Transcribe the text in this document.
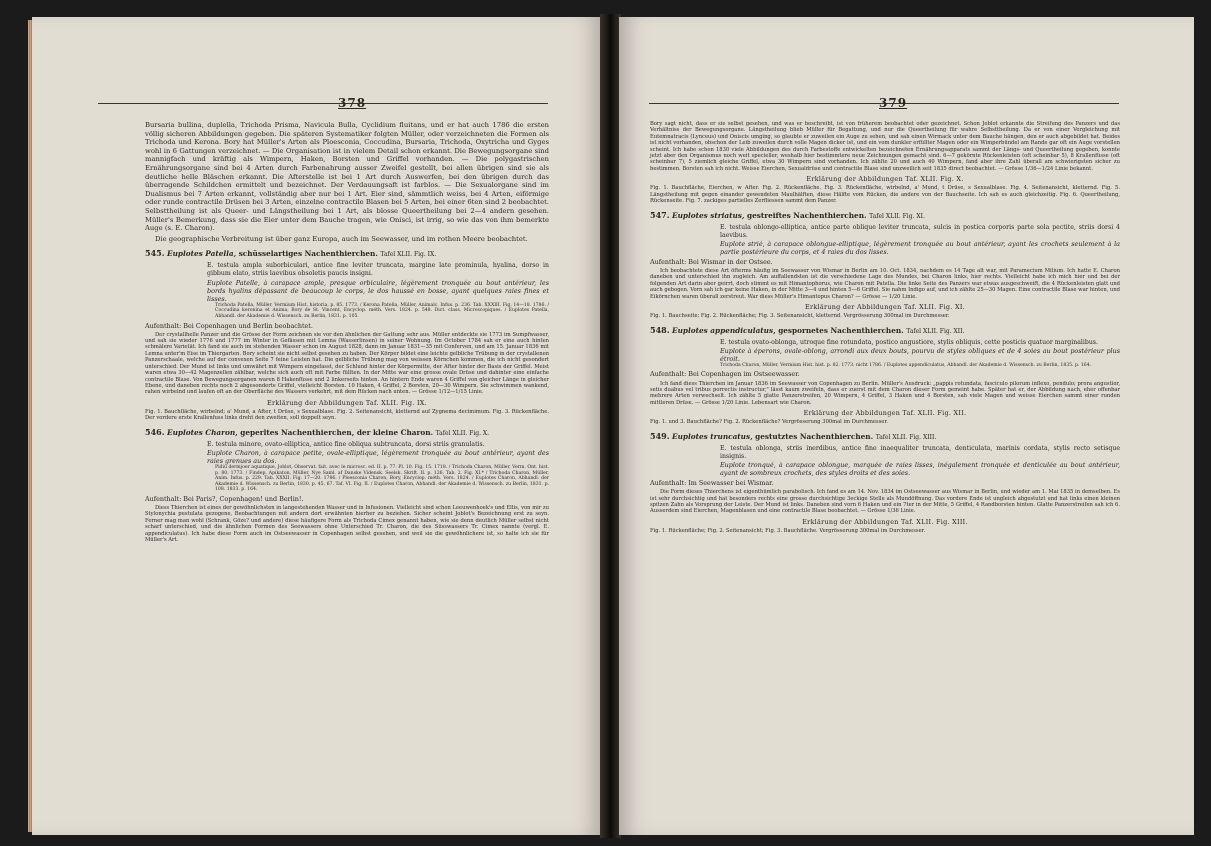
378

Bursaria bullina, duplella, Trichoda Prisma, Navicula Bulla, Cyclidium fluitans, und er hat auch 1786 die ersten völlig sicheren Abbildungen gegeben. Die späteren Systematiker folgten Müller, oder verzeichneten die Formen als Trichoda und Kerona. Bory hat Müller's Arten als Ploesconia, Coccudina, Bursaria, Trichoda, Oxytricha und Gyges wohl in 6 Gattungen verzeichnet. — Die Organisation ist in vielem Detail schon erkannt. Die Bewegungsorgane sind mannigfach und kräftig als Wimpern, Haken, Borsten und Griffel vorhanden. — Die polygastrischen Ernährungsorgane sind bei 4 Arten durch Farbenahrung ausser Zweifel gestellt, bei allen übrigen sind sie als deutliche helle Bläschen erkannt. Die Afterstelle ist bei 1 Art durch Auswerfen, bei den übrigen durch das überragende Schildchen ermittelt und bezeichnet. Der Verdauungsaft ist farblos. — Die Sexualorgane sind im Dualismus bei 7 Arten erkannt, vollständig aber nur bei 1 Art. Eier sind, sämmtlich weiss, bei 4 Arten, eiförmige oder runde contractile Drüsen bei 3 Arten, einzelne contractile Blasen bei 5 Arten, bei einer 6ten sind 2 beobachtet. Selbsttheilung ist als Queer- und Längstheilung bei 1 Art, als blosse Queertheilung bei 2—4 andern gesehen. Müller's Bemerkung, dass sie die Eier unter dem Bauche tragen, wie Oniscì, ist irrig, so wie das von ihm bemerkte Auge (s. E. Charon).

Die geographische Verbreitung ist über ganz Europa, auch im Seewasser, und im rothen Meere beobachtet.

545. Euplotes Patella, schüsselartiges Nachenthierchen. Tafel XLII. Fig. IX.
E. testula ampla suborbiculari, antice fine leviter truncata, margine late prominula, hyalina, dorso in gibbum elato, striis laevibus obsoletis paucis insigni.
Euplote Patelle, à carapace ample, presque orbiculaire, légèrement tronquée au bout antérieur, les bords hyalins dépassant de beaucoup le corps, le dos haussé en bosse, ayant quelques raies fines et lisses.
Trichoda Patella, Müller, Vermium Hist. historia, p. 85. 1773. / Kerona Patella, Müller, Animalc. Infus. p. 236. Tab. XXXIII. Fig. 14—18. 1786. / Coccudina keronina et Anima, Bory de St. Vincent, Encyclop. méth. Vers. 1824. p. 548. Dict. class. Microscopiques. / Euplotes Patella, Abhandl. der Akademie d. Wissensch. zu Berlin, 1831. p. 105.
Aufenthalt: Bei Copenhagen und Berlin beobachtet.

Der crystallhelle Panzer und die Grösse der Form zeichnen sie vor den ähnlichen der Gattung sehr aus. Müller entdeckte sie 1773 im Sumpfwasser, und sah sie wieder 1776 und 1777 im Winter in Gefässen mit Lemna (Wasserlinsen) in seiner Wohnung. Im October 1784 sah er eine auch hinten schmälere Varietät. Ich fand sie auch im stehenden Wasser schon im August 1828, dann im Januar 1831—35 mit Conferven, und am 15. Januar 1836 mit Lemna unter'm Eise im Thiergarten. Bory scheint sie nicht selbst gesehen zu haben. Der Körper bildet eine leichte gelbliche Trübung in der crystallenen Panzerschaale, welche auf der convexen Seite 7 feine Leisten hat. Die gelbliche Trübung mag von weissen Körnchen kommen, die ich nicht gesondert unterschied. Der Mund ist links und umwährt mit Wimpern eingefasst, der Schlund hinter der Körpermitte, der After hinter der Basis der Griffel. Meist waren etwa 30—42 Magenzellen zählbar, welche sich auch oft mit Farbe füllten. In der Mitte war eine grosse ovale Drüse und dahinter eine einfache contractile Blase. Von Bewegungsorganen waren 8 Hakenfüsse und 2 linkerseits hinten. An hintern Ende waren 4 Griffel von gleicher Länge in gleicher Ebene, und daneben rechts noch 2 abgesonderte Griffel, vielleicht Borsten. 10 Haken, 4 Griffel, 2 Borsten, 20—30 Wimpern. Sie schwimmen wankend, rahen wirbelnd und laufen oft an der Oberfläche des Wassers verkehrt, mit dem Rücken nach unten. — Grösse 1/12—1/15 Linie.

Erklärung der Abbildungen Taf. XLII. Fig. IX.
Fig. 1. Bauchfläche, wirbelnd; a' Mund, a After, t Drüse, s Sexualblase. Fig. 2. Seitenansicht, kletternd auf Zygnema decimimum. Fig. 3. Rückenfläche. Der vordere erste Krallenfuss links dreht den zweiten, soll doppelt seyn.
546. Euplotes Charon, geperltes Nachenthierchen, der kleine Charon. Tafel XLII. Fig. X.
E. testula minore, ovato-elliptica, antice fine obliqua subtruncata, dorsi striis granulatis.
Euplote Charon, à carapace petite, ovale-elliptique, légèrement tronquée au bout antérieur, ayant des raies grenues au dos.
Pidiu dermjoer aquatique, Joblot, Observat. fait. avec le microsc. ed. II. p. 77. Pl. 10. Fig. 15. 1718. / Trichoda Charon, Müller, Verm. Ont. hist. p. 80. 1773. / Findep. Apikaton, Müller, Nye Saml. af Danske Vidensk. Seelsk. Skrift. II. p. 126. Tab. 2. Fig. XI.* / Trichoda Charon, Müller, Anim. Infus. p. 229. Tab. XXXII. Fig. 17—20. 1786. / Ploesconia Charon, Bory, Encyclop. méth. Vers. 1824. / Euplotes Charon, Abhandl. der Akademie d. Wissensch. zu Berlin, 1830. p. 45, 67. Taf. VI. Fig. II. / Euplotes Charon, Abhandl. der Akademie d. Wissensch. zu Berlin, 1831. p. 108. 1833. p. 164.
Aufenthalt: Bei Paris?, Copenhagen! und Berlin!.

Diess Thierchen ist eines der gewöhnlichsten in langestehenden Wasser und in Infusionen. Vielleicht sind schon Leeuwenhoek's und Ellis, von mir zu Stylonychia pustulata gezogene, Beobachtungen mit andern dort erwähnten hierher zu beziehen. Sicher scheint Joblot's Bezeichnung erst zu seyn. Ferner mag man wohl (Schrank, Göze? und andere) diese häufigere Form als Trichoda Cimex genannt haben, wie sie denn deutlich Müller selbst nicht scharf unterschied, und die ähnlichen Formen des Seewassers ohne Unterschied Tr. Charon, die des Süsswassers Tr. Cimex nannte (vergl. E. appendiculatus). Ich habe diese Form auch im Ostseewasser in Copenhagen selbst gesehen, und weil sie die gewöhnlichere ist, so halte ich sie für Müller's Art.

379

Bory sagt nicht, dass er sie selbst gesehen, und was er beschreibt, ist von früherem beobachtet oder gezeichnet. Schon Joblot erkannte die Streifung des Panzers und das Verhältniss der Bewegungsorgane. Längstheilung blieb Müller für Begattung, und nur die Queertheilung für wahre Selbsttheilung. Da er von einer Vergleichung mit Eutemnatracis (Lynceus) und Oniscis umging, so glaubte er zuweilen ein Auge zu sehen, und sah einen Wirmack unter dem Bauche hängen, den er auch abgebildet hat. Beides ist nicht vorhanden, obschon der Leib zuweilen durch volle Magen dicker ist, und ein vom dunkler erfüllter Magen oder ein Wimperbündel am Rande gar oft ein Auge vorstellen scheint. Ich habe schon 1830 viele Abbildungen des durch Farbestoffe entwickelten bezeichneten Ernährungsapparats sammt der Längs- und Queertheilung gegeben, konnte jetzt aber den Organismus noch weit specieller, weshalb hier bestimmtere neue Zeichnungen gemacht sind. 6—7 gekörnte Rückenleisten (oft scheinbar 5), 8 Krallenfüsse (oft scheinbar 7), 5 ziemlich gleiche Griffel, etwa 30 Wimpern sind vorhanden. Ich zählte 20 und auch 40 Wimpern, fand aber ihre Zahl überall am schwierigsten sicher zu bestimmen. Borsten sah ich nicht. Weisse Eierchen, Sexualdrüse und contractile Blase sind unzweilich seit 1835 direct beobachtet. — Grösse 1/36—1/24 Linie bekannt.

Erklärung der Abbildungen Taf. XLII. Fig. X.
Fig. 1. Bauchfläche, Eierchen, w After. Fig. 2. Rückenfläche. Fig. 3. Rückenfläche, wirbelnd, a' Mund, t Drüse, s Sexualblase. Fig. 4. Seitenansicht, kletternd. Fig. 5. Längstheilung mit gegen einander gewendeten Maulhälften, diese Hälfte vom Rücken, die andere von der Bauchseite. Ich sah es auch gleichzeitig. Fig. 6. Queertheilung, Rückenseite. Fig. 7. zackiges partielles Zerfliessen sammt dem Panzer.
547. Euplotes striatus, gestreiftes Nachenthierchen. Tafel XLII. Fig. XI.
E. testula oblongo-elliptica, antice parte oblique leviter truncata, sulcis in postica corporis parte sola pectite, striis dorsi 4 laevibus.
Euplote strié, à carapace oblongue-elliptique, légèrement tronquée au bout antérieur, ayant les crochets seulement à la partie postérieure du corps, et 4 raies du dos lisses.
Aufenthalt: Bei Wismar in der Ostsee.

Ich beobachtete diese Art öfterms häufig im Seewasser von Wismar in Berlin am 10. Oct. 1834, nachdem es 14 Tage alt war, mit Paramecium Milium. Ich hatte E. Charon daneben und unterschied ihn zugleich. Am auffallendsten ist die verschiedene Lage des Mundes, bei Charon links, hier rechts. Vielleicht habe ich mich hier und bei der folgenden Art darin aber geirrt, doch stimmt es mit Himantophorus, wie Charon mit Patella. Die linke Seite des Panzers war etwas ausgeschweift, die 4 Rückenleisten glatt und auch gebogen. Vorn sah ich gar keine Haken, in der Mitte 3—4 und hinten 5—6 Griffel. Sie nahm Indigo auf, und ich zählte 25—30 Magen. Eine contractile Blase war hinten, und Eikörnchen waren überall zerstreut. War diess Müller's Himantopus Charon? — Grösse — 1/20 Linie.

Erklärung der Abbildungen Taf. XLII. Fig. XI.
Fig. 1. Bauchseite; Fig. 2. Rückenfläche; Fig. 3. Seitenansicht, kletternd. Vergrösserung 300mal im Durchmesser.
548. Euplotes appendiculatus, gespornetes Nachenthierchen. Tafel XLII. Fig. XII.
E. testula ovato-oblonga, utroque fine rotundata, postico angustiore, stylis obliquis, cette posticis quatuor marginalibus.
Euplote à éperons, ovale-oblong, arrondi aux deux bouts, pourvu de styles obliques et de 4 soies au bout postérieur plus étroit.
Trichoda Charon, Müller, Vermium Hist. hist. p. 82. 1773. nicht 1786. / Euplotes appendiculatus, Abhandl. der Akademie d. Wissensch. zu Berlin, 1835. p. 164.
Aufenthalt: Bei Copenhagen im Ostseewasser.

Ich fand diess Thierchen im Januar 1836 im Seewasser von Copenhagen zu Berlin. Müller's Ausdruck: „pappis rotundata, fasciculo pilorum inflexo, pendulo; prora angustior, setis duabus vel tribus porrectis instructur," lässt kaum zweifeln, dass er zuerst mit dem Charon dieser Form gemeint habe. Später hat er, der Abbildung nach, eher offenbar mehrere Arten verwechselt. Ich zählte 5 glatte Panzerstreifen, 20 Wimpern, 4 Griffel, 3 Haken und 4 Borsten, sah viele Magen und weisse Eierchen sammt einer runden mittleren Drüse. — Grösse 1/20 Linie. Lebensart wie Charon.

Erklärung der Abbildungen Taf. XLII. Fig. XII.
Fig. 1. und 3. Bauchfläche? Fig. 2. Rückenfläche? Vergrösserung 300mal im Durchmesser.
549. Euplotes truncatus, gestutztes Nachenthierchen. Tafel XLII. Fig. XIII.
E. testula oblonga, striis inerdibus, antice fine inaequaliter truncata, denticulata, marinis cordata, stylis recto setisque insignis.
Euplote tronqué, à carapace oblongue, marquée de raies lisses, inégalement tronquée et denticulée au bout antérieur, ayant de sombreux crochets, des styles droits et des soies.
Aufenthalt: Im Seewasser bei Wismar.

Die Form dieses Thierchens ist eigenthümlich parabolisch. Ich fand es am 14. Nov. 1834 im Ostseewasser aus Wismar in Berlin, und wieder am 1. Mai 1835 in demselben. Es ist sehr durchsichtig und hat besonders rechts eine grosse durchsichtige 3eckige Stelle als Mundöffnung. Das vordere Ende ist ungleich abgestutzt und hat links einen kleinen spitzen Zahn als Vorsprung der Leiste. Der Mund ist links. Daneben sind vorn 6 Haken und ein 7ter in der Mitte, 5 Griffel, 4 Randborsten hinten. Glatte Panzerstreifen sah ich 6. Ausserdem sind Eierchen, Magenblasen und eine contractile Blase beobachtet. — Grösse 1/36 Linie.

Erklärung der Abbildungen Taf. XLII. Fig. XIII.
Fig. 1. Rückenfläche; Fig. 2. Seitenansicht; Fig. 3. Bauchfläche. Vergrösserung 300mal im Durchmesser.
